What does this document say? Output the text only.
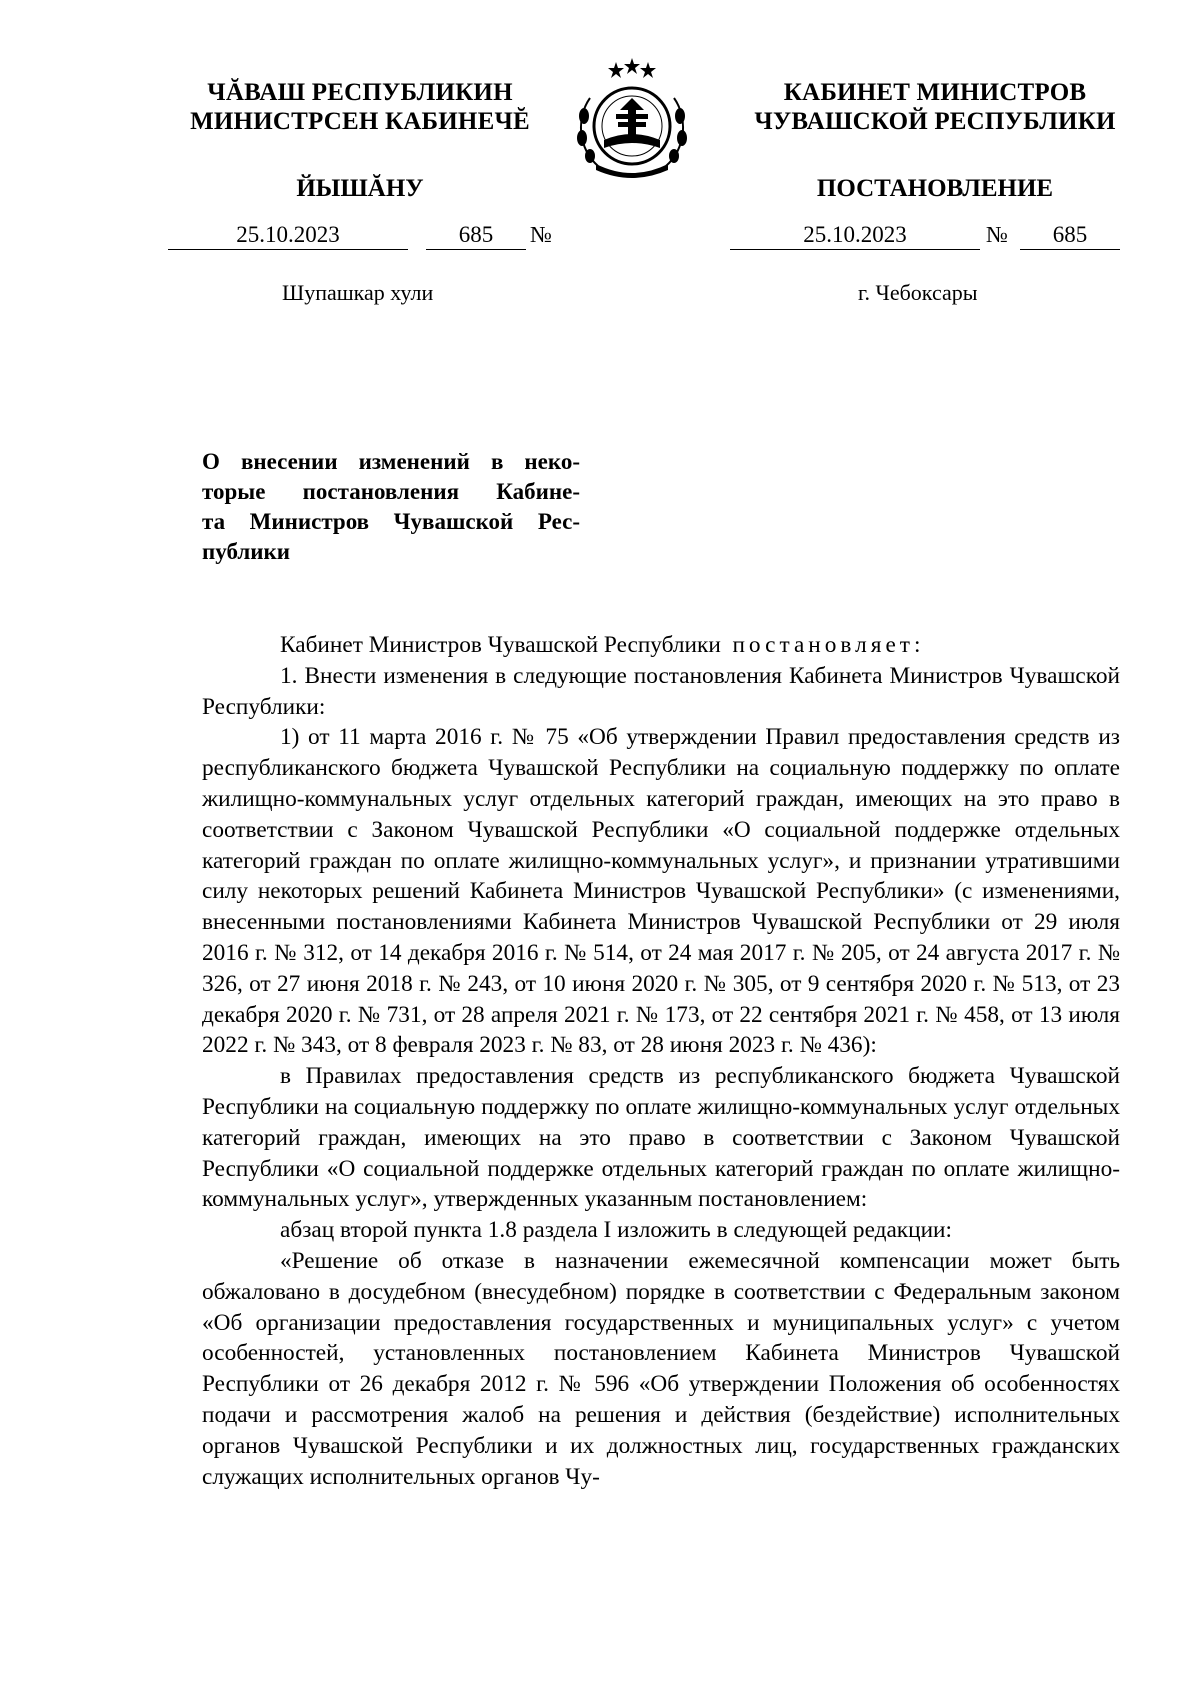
ЧĂВАШ РЕСПУБЛИКИН
МИНИСТРСЕН КАБИНЕЧĔ
ЙЫШĂНУ
КАБИНЕТ МИНИСТРОВ
ЧУВАШСКОЙ РЕСПУБЛИКИ
ПОСТАНОВЛЕНИЕ
25.10.2023	685	№	25.10.2023	№	685
Шупашкар хули	г. Чебоксары

О внесении изменений в неко-

торые постановления Кабине-

та Министров Чувашской Рес-

публики

Кабинет Министров Чувашской Республики постановляет:

1. Внести изменения в следующие постановления Кабинета Министров Чувашской Республики:

1) от 11 марта 2016 г. № 75 «Об утверждении Правил предоставления средств из республиканского бюджета Чувашской Республики на социальную поддержку по оплате жилищно-коммунальных услуг отдельных категорий граждан, имеющих на это право в соответствии с Законом Чувашской Республики «О социальной поддержке отдельных категорий граждан по оплате жилищно-коммунальных услуг», и признании утратившими силу некоторых решений Кабинета Министров Чувашской Республики» (с изменениями, внесенными постановлениями Кабинета Министров Чувашской Республики от 29 июля 2016 г. № 312, от 14 декабря 2016 г. № 514, от 24 мая 2017 г. № 205, от 24 августа 2017 г. № 326, от 27 июня 2018 г. № 243, от 10 июня 2020 г. № 305, от 9 сентября 2020 г. № 513, от 23 декабря 2020 г. № 731, от 28 апреля 2021 г. № 173, от 22 сентября 2021 г. № 458, от 13 июля 2022 г. № 343, от 8 февраля 2023 г. № 83, от 28 июня 2023 г. № 436):

в Правилах предоставления средств из республиканского бюджета Чувашской Республики на социальную поддержку по оплате жилищно-коммунальных услуг отдельных категорий граждан, имеющих на это право в соответствии с Законом Чувашской Республики «О социальной поддержке отдельных категорий граждан по оплате жилищно-коммунальных услуг», утвержденных указанным постановлением:

абзац второй пункта 1.8 раздела I изложить в следующей редакции:

«Решение об отказе в назначении ежемесячной компенсации может быть обжаловано в досудебном (внесудебном) порядке в соответствии с Федеральным законом «Об организации предоставления государственных и муниципальных услуг» с учетом особенностей, установленных постановлением Кабинета Министров Чувашской Республики от 26 декабря 2012 г. № 596 «Об утверждении Положения об особенностях подачи и рассмотрения жалоб на решения и действия (бездействие) исполнительных органов Чувашской Республики и их должностных лиц, государственных гражданских служащих исполнительных органов Чу-
